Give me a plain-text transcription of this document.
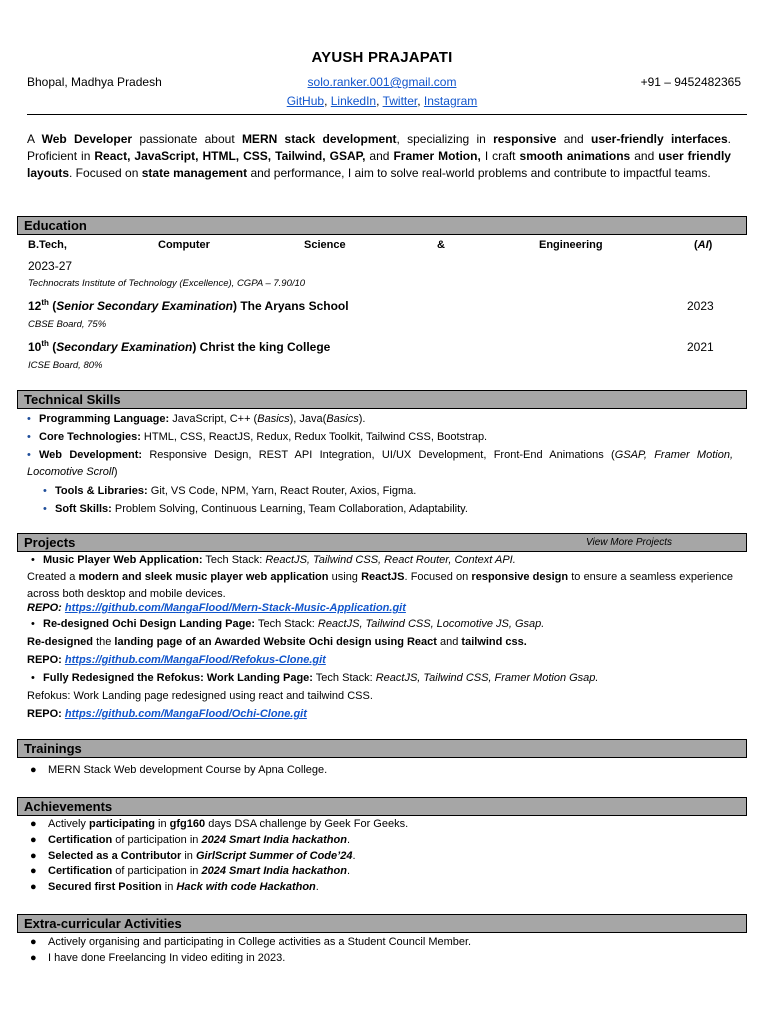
AYUSH PRAJAPATI
Bhopal, Madhya Pradesh	solo.ranker.001@gmail.com	+91 – 9452482365
GitHub, LinkedIn, Twitter, Instagram
A Web Developer passionate about MERN stack development, specializing in responsive and user-friendly interfaces. Proficient in React, JavaScript, HTML, CSS, Tailwind, GSAP, and Framer Motion, I craft smooth animations and user friendly layouts. Focused on state management and performance, I aim to solve real-world problems and contribute to impactful teams.
Education
B.Tech,	Computer	Science	&	Engineering	(AI)
2023-27
Technocrats Institute of Technology (Excellence), CGPA – 7.90/10
12th (Senior Secondary Examination) The Aryans School	2023
CBSE Board, 75%
10th (Secondary Examination) Christ the king College	2021
ICSE Board, 80%
Technical Skills
• Programming Language: JavaScript, C++ (Basics), Java(Basics).
• Core Technologies: HTML, CSS, ReactJS, Redux, Redux Toolkit, Tailwind CSS, Bootstrap.
• Web Development: Responsive Design, REST API Integration, UI/UX Development, Front-End Animations (GSAP, Framer Motion, Locomotive Scroll)
• Tools & Libraries: Git, VS Code, NPM, Yarn, React Router, Axios, Figma.
• Soft Skills: Problem Solving, Continuous Learning, Team Collaboration, Adaptability.
Projects	View More Projects
• Music Player Web Application: Tech Stack: ReactJS, Tailwind CSS, React Router, Context API.
Created a modern and sleek music player web application using ReactJS. Focused on responsive design to ensure a seamless experience across both desktop and mobile devices.
REPO: https://github.com/MangaFlood/Mern-Stack-Music-Application.git
• Re-designed Ochi Design Landing Page: Tech Stack: ReactJS, Tailwind CSS, Locomotive JS, Gsap.
Re-designed the landing page of an Awarded Website Ochi design using React and tailwind css.
REPO: https://github.com/MangaFlood/Refokus-Clone.git
• Fully Redesigned the Refokus: Work Landing Page: Tech Stack: ReactJS, Tailwind CSS, Framer Motion Gsap.
Refokus: Work Landing page redesigned using react and tailwind CSS.
REPO: https://github.com/MangaFlood/Ochi-Clone.git
Trainings
● MERN Stack Web development Course by Apna College.
Achievements
● Actively participating in gfg160 days DSA challenge by Geek For Geeks.
● Certification of participation in 2024 Smart India hackathon.
● Selected as a Contributor in GirlScript Summer of Code’24.
● Certification of participation in 2024 Smart India hackathon.
● Secured first Position in Hack with code Hackathon.
Extra-curricular Activities
● Actively organising and participating in College activities as a Student Council Member.
● I have done Freelancing In video editing in 2023.
